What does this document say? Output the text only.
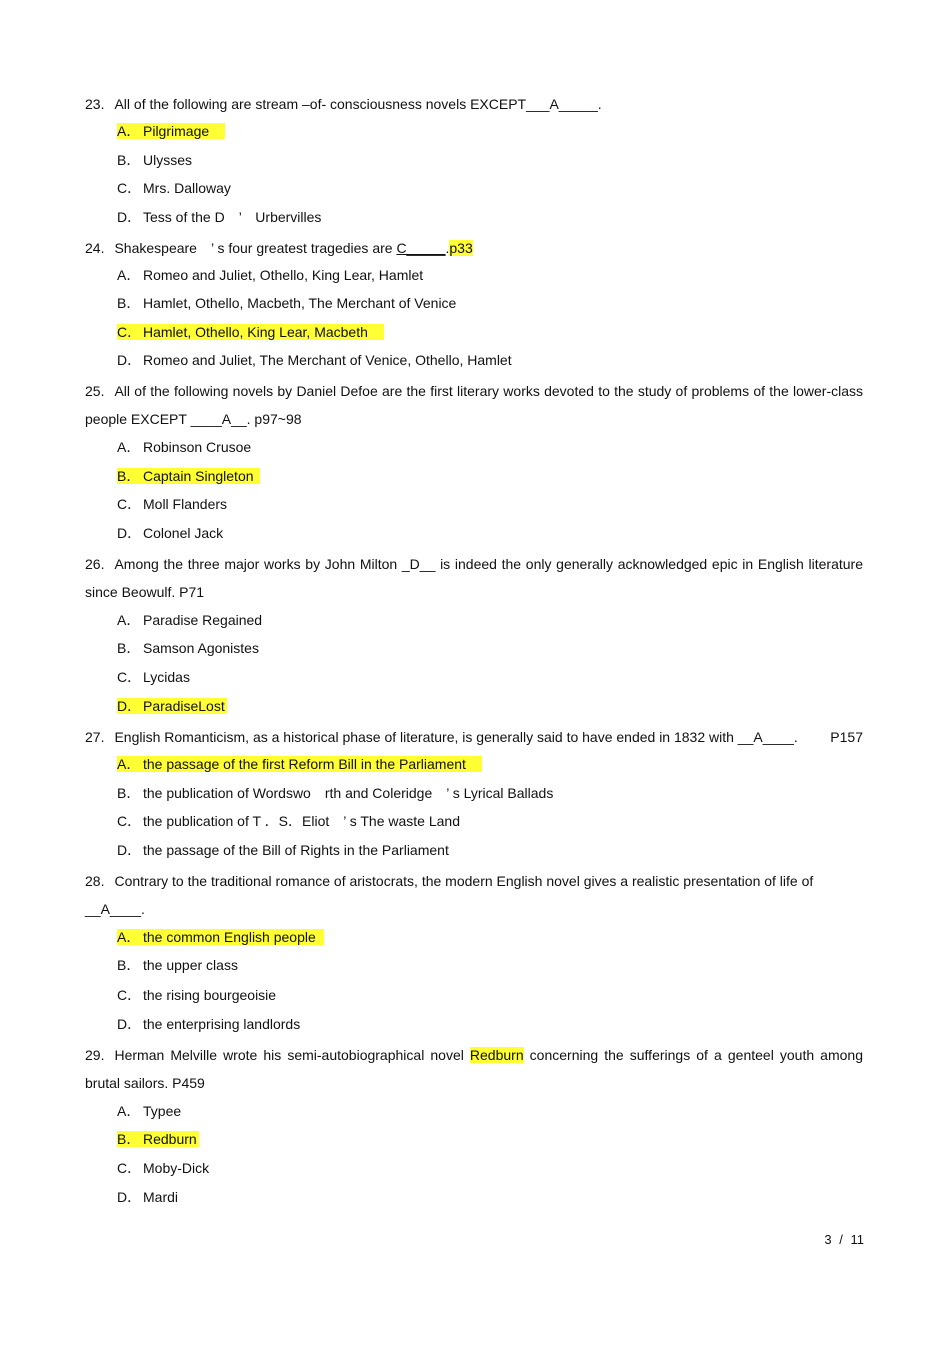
23. All of the following are stream –of- consciousness novels EXCEPT___A_____.

A． Pilgrimage
B． Ulysses
C． Mrs. Dalloway
D． Tess of the D　’　Urbervilles

24. Shakespeare　’ s four greatest tragedies are C_____.p33

A． Romeo and Juliet, Othello, King Lear, Hamlet
B． Hamlet, Othello, Macbeth, The Merchant of Venice
C． Hamlet, Othello, King Lear, Macbeth
D． Romeo and Juliet, The Merchant of Venice, Othello, Hamlet

25. All of the following novels by Daniel Defoe are the first literary works devoted to the study of problems of the lower-class people EXCEPT ____A__. p97~98

A． Robinson Crusoe
B． Captain Singleton
C． Moll Flanders
D． Colonel Jack

26. Among the three major works by John Milton _D__ is indeed the only generally acknowledged epic in English literature since Beowulf. P71

A． Paradise Regained
B． Samson Agonistes
C． Lycidas
D． ParadiseLost

27. English Romanticism, as a historical phase of literature, is generally said to have ended in 1832 with __A____. P157

A． the passage of the first Reform Bill in the Parliament
B． the publication of Wordswo　rth and Coleridge　’ s Lyrical Ballads
C． the publication of T ．S．Eliot　’ s The waste Land
D． the passage of the Bill of Rights in the Parliament

28. Contrary to the traditional romance of aristocrats, the modern English novel gives a realistic presentation of life of __A____.

A． the common English people
B． the upper class
C． the rising bourgeoisie
D． the enterprising landlords

29. Herman Melville wrote his semi-autobiographical novel Redburn concerning the sufferings of a genteel youth among brutal sailors. P459

A． Typee
B． Redburn
C． Moby-Dick
D． Mardi
3 / 11
